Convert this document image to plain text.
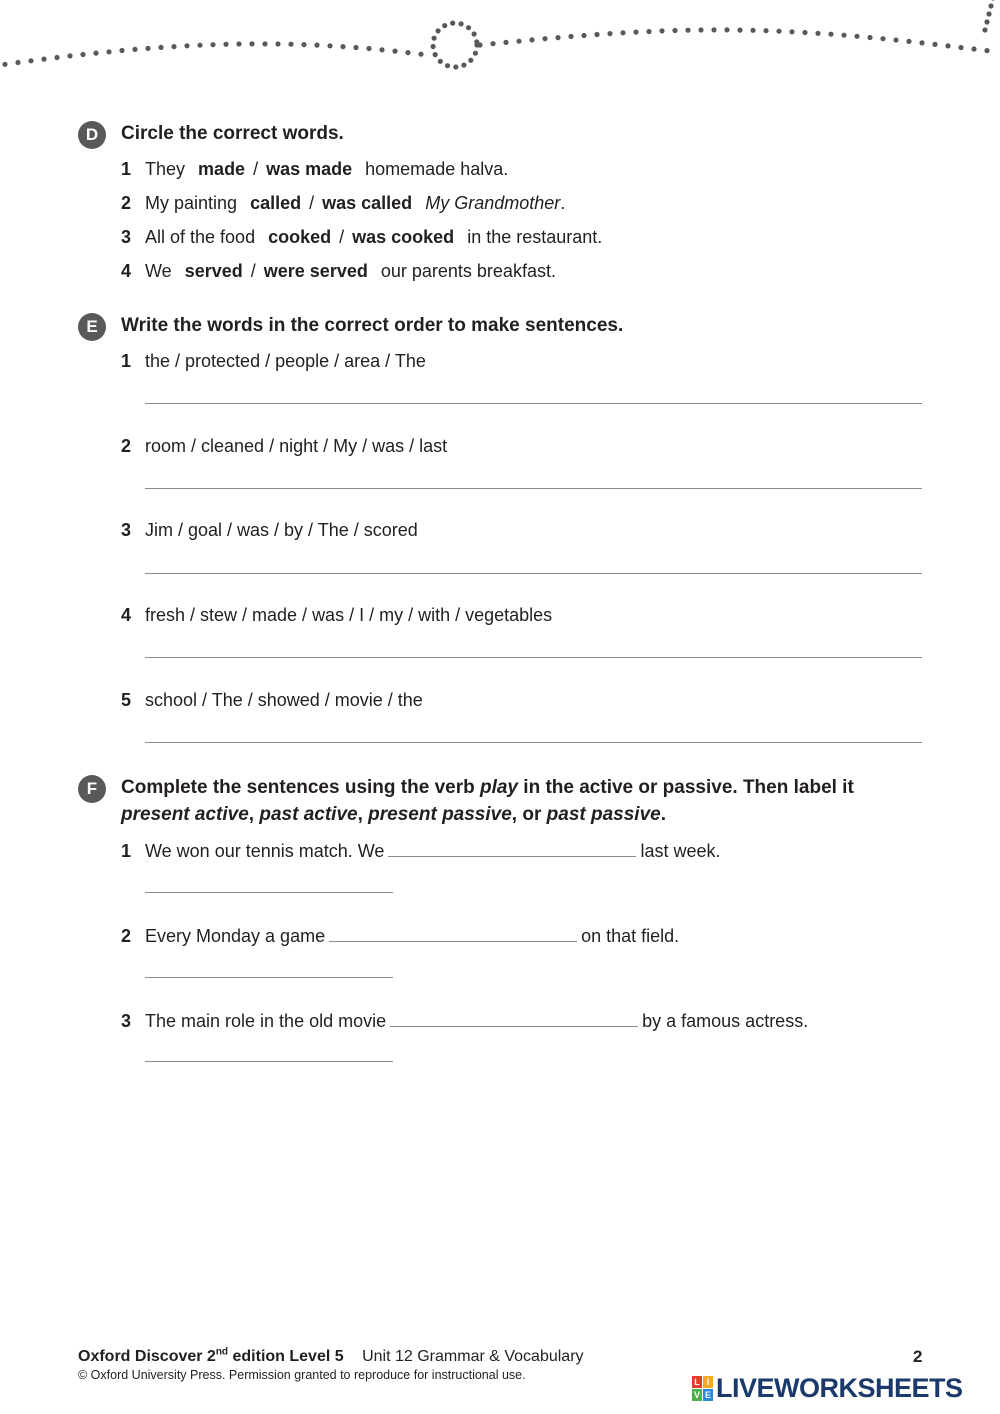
D Circle the correct words.
1 They made / was made homemade halva.
2 My painting called / was called My Grandmother.
3 All of the food cooked / was cooked in the restaurant.
4 We served / were served our parents breakfast.
E Write the words in the correct order to make sentences.
1 the / protected / people / area / The
2 room / cleaned / night / My / was / last
3 Jim / goal / was / by / The / scored
4 fresh / stew / made / was / I / my / with / vegetables
5 school / The / showed / movie / the
F Complete the sentences using the verb play in the active or passive. Then label it
present active, past active, present passive, or past passive.
1 We won our tennis match. We	last week.
2 Every Monday a game	on that field.
3 The main role in the old movie	by a famous actress.
Oxford Discover 2nd edition Level 5 Unit 12 Grammar & Vocabulary	2
© Oxford University Press. Permission granted to reproduce for instructional use.	L I
V E LIVEWORKSHEETS
